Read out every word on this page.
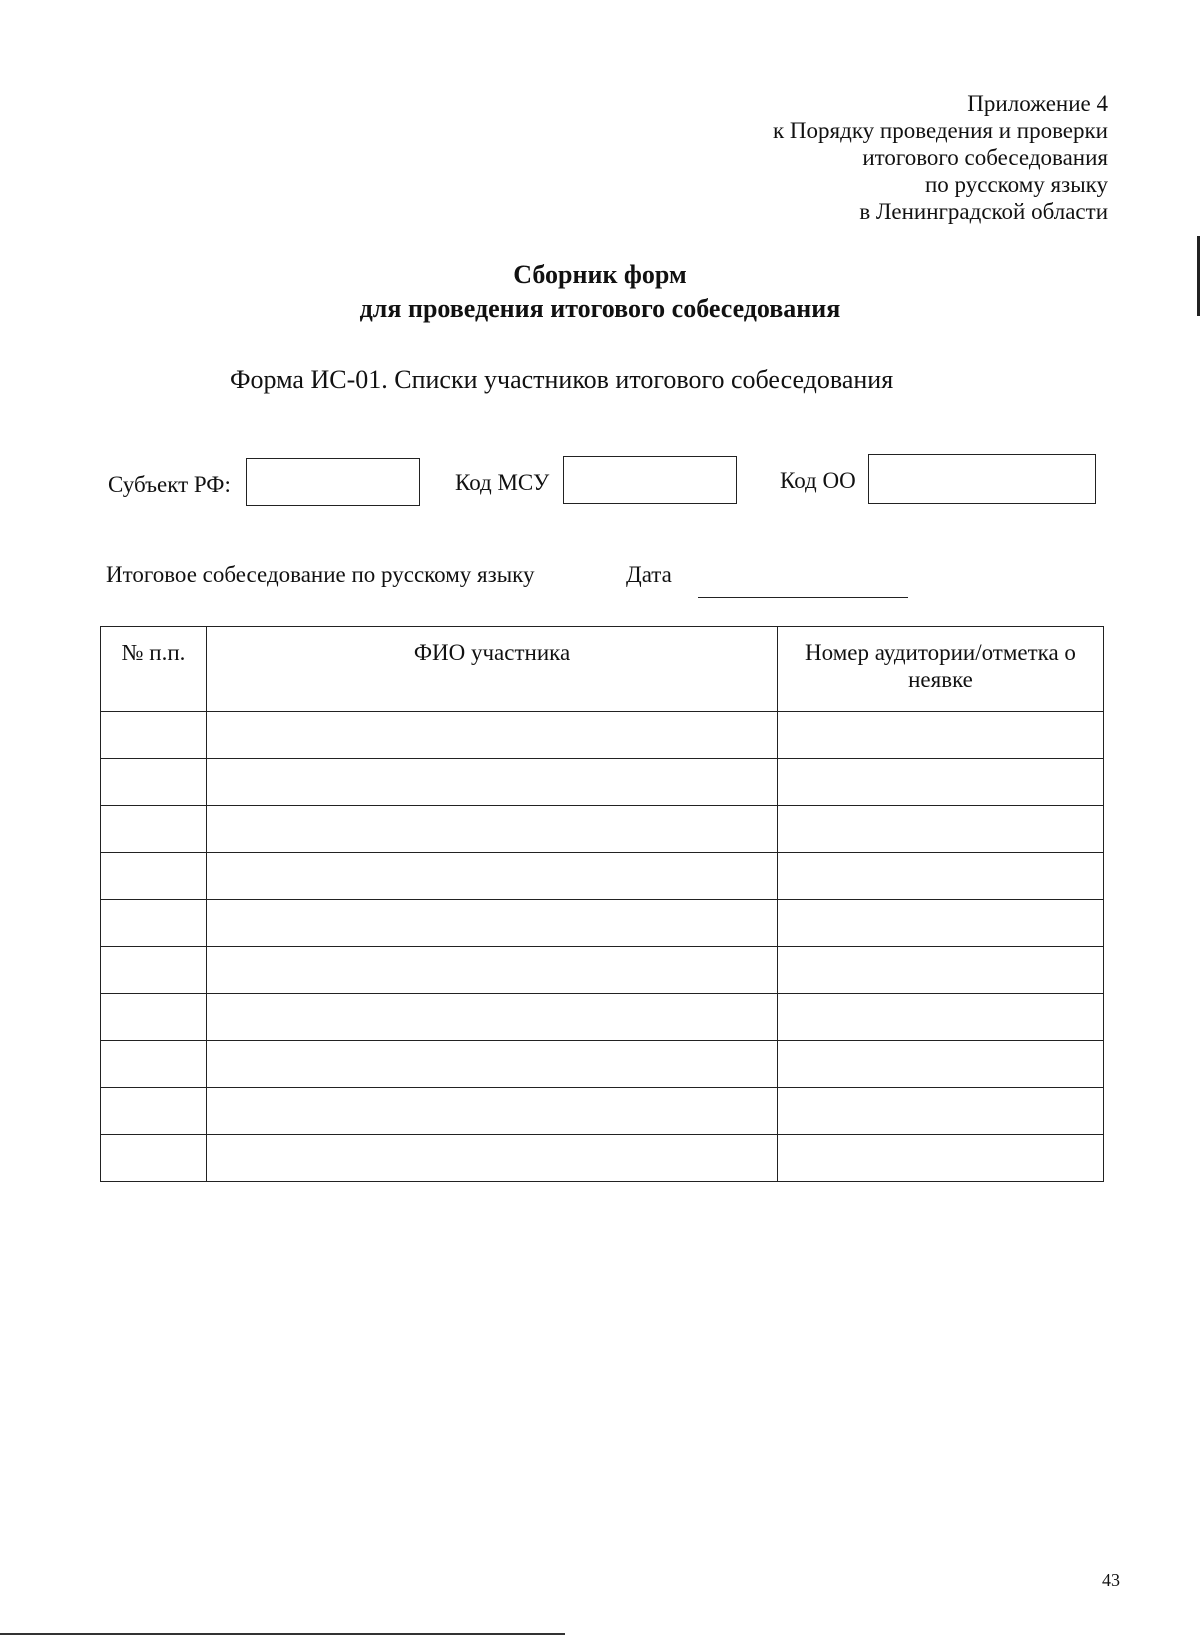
Приложение 4
к Порядку проведения и проверки
итогового собеседования
по русскому языку
в Ленинградской области
Сборник форм
для проведения итогового собеседования
Форма ИС-01. Списки участников итогового собеседования
Субъект РФ:	Код МСУ	Код ОО
Итоговое собеседование по русскому языку	Дата
№ п.п.	ФИО участника	Номер аудитории/отметка о неявке

43
